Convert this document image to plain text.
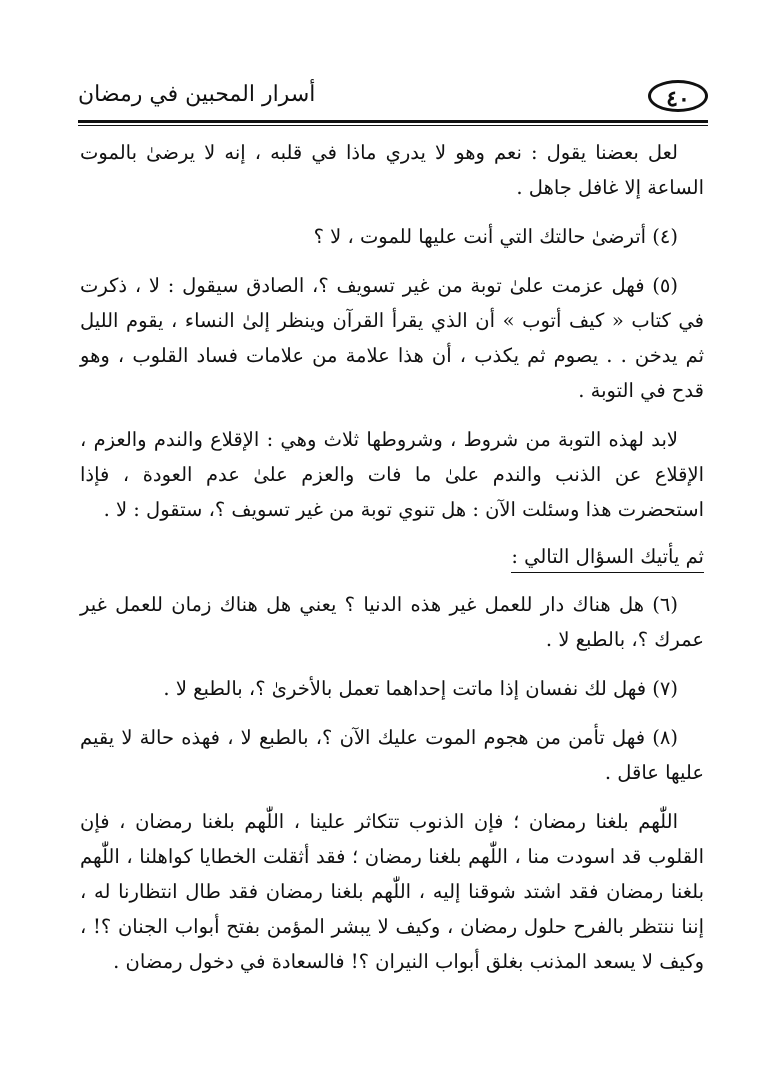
٤٠
أسرار المحبين في رمضان

لعل بعضنا يقول : نعم وهو لا يدري ماذا في قلبه ، إنه لا يرضىٰ بالموت الساعة إلا غافل جاهل .

(٤) أترضىٰ حالتك التي أنت عليها للموت ، لا ؟

(٥) فهل عزمت علىٰ توبة من غير تسويف ؟، الصادق سيقول : لا ، ذكرت في كتاب « كيف أتوب » أن الذي يقرأ القرآن وينظر إلىٰ النساء ، يقوم الليل ثم يدخن . . يصوم ثم يكذب ، أن هذا علامة من علامات فساد القلوب ، وهو قدح في التوبة .

لابد لهذه التوبة من شروط ، وشروطها ثلاث وهي : الإقلاع والندم والعزم ، الإقلاع عن الذنب والندم علىٰ ما فات والعزم علىٰ عدم العودة ، فإذا استحضرت هذا وسئلت الآن : هل تنوي توبة من غير تسويف ؟، ستقول : لا .

ثم يأتيك السؤال التالي :

(٦) هل هناك دار للعمل غير هذه الدنيا ؟ يعني هل هناك زمان للعمل غير عمرك ؟، بالطبع لا .

(٧) فهل لك نفسان إذا ماتت إحداهما تعمل بالأخرىٰ ؟، بالطبع لا .

(٨) فهل تأمن من هجوم الموت عليك الآن ؟، بالطبع لا ، فهذه حالة لا يقيم عليها عاقل .

اللّٰهم بلغنا رمضان ؛ فإن الذنوب تتكاثر علينا ، اللّٰهم بلغنا رمضان ، فإن القلوب قد اسودت منا ، اللّٰهم بلغنا رمضان ؛ فقد أثقلت الخطايا كواهلنا ، اللّٰهم بلغنا رمضان فقد اشتد شوقنا إليه ، اللّٰهم بلغنا رمضان فقد طال انتظارنا له ، إننا ننتظر بالفرح حلول رمضان ، وكيف لا يبشر المؤمن بفتح أبواب الجنان ؟! ، وكيف لا يسعد المذنب بغلق أبواب النيران ؟! فالسعادة في دخول رمضان .
